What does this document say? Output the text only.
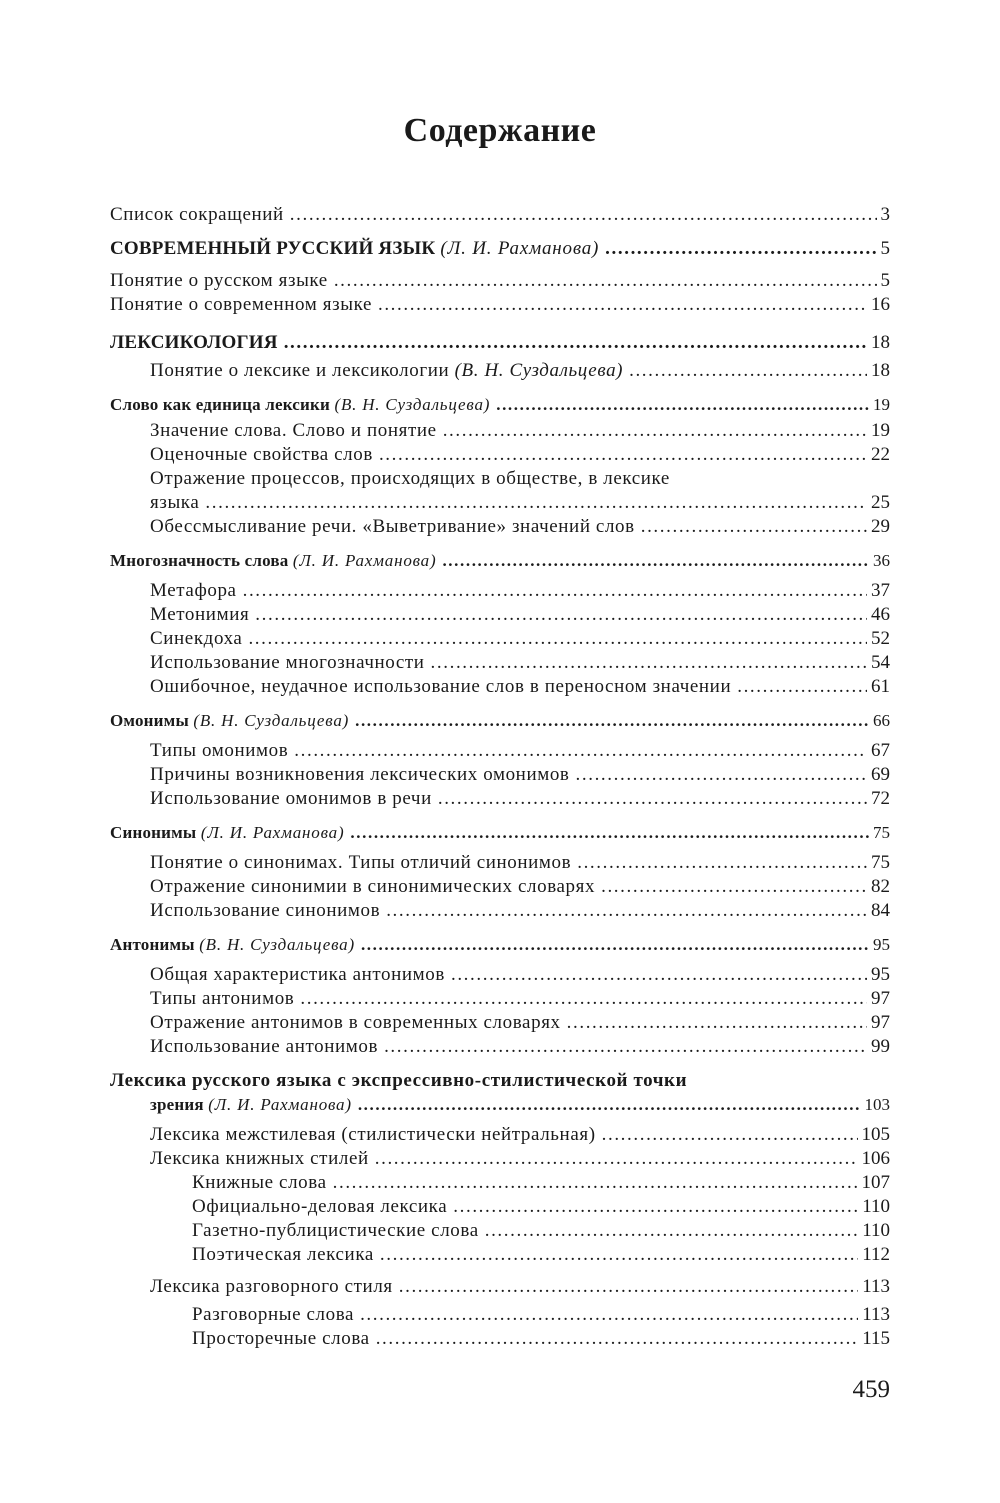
Содержание
Список сокращений .....	3
СОВРЕМЕННЫЙ РУССКИЙ ЯЗЫК (Л. И. Рахманова) .....	5
Понятие о русском языке .....	5
Понятие о современном языке .....	16
ЛЕКСИКОЛОГИЯ .....	18
Понятие о лексике и лексикологии (В. Н. Суздальцева) .....	18
Слово как единица лексики (В. Н. Суздальцева) .....	19
Значение слова. Слово и понятие .....	19
Оценочные свойства слов .....	22
Отражение процессов, происходящих в обществе, в лексике
языка .....	25
Обессмысливание речи. «Выветривание» значений слов .....	29
Многозначность слова (Л. И. Рахманова) .....	36
Метафора .....	37
Метонимия .....	46
Синекдоха .....	52
Использование многозначности .....	54
Ошибочное, неудачное использование слов в переносном значении .....	61
Омонимы (В. Н. Суздальцева) .....	66
Типы омонимов .....	67
Причины возникновения лексических омонимов .....	69
Использование омонимов в речи .....	72
Синонимы (Л. И. Рахманова) .....	75
Понятие о синонимах. Типы отличий синонимов .....	75
Отражение синонимии в синонимических словарях .....	82
Использование синонимов .....	84
Антонимы (В. Н. Суздальцева) .....	95
Общая характеристика антонимов .....	95
Типы антонимов .....	97
Отражение антонимов в современных словарях .....	97
Использование антонимов .....	99
Лексика русского языка с экспрессивно-стилистической точки
зрения (Л. И. Рахманова) .....	103
Лексика межстилевая (стилистически нейтральная) .....	105
Лексика книжных стилей .....	106
Книжные слова .....	107
Официально-деловая лексика .....	110
Газетно-публицистические слова .....	110
Поэтическая лексика .....	112
Лексика разговорного стиля .....	113
Разговорные слова .....	113
Просторечные слова .....	115
459
